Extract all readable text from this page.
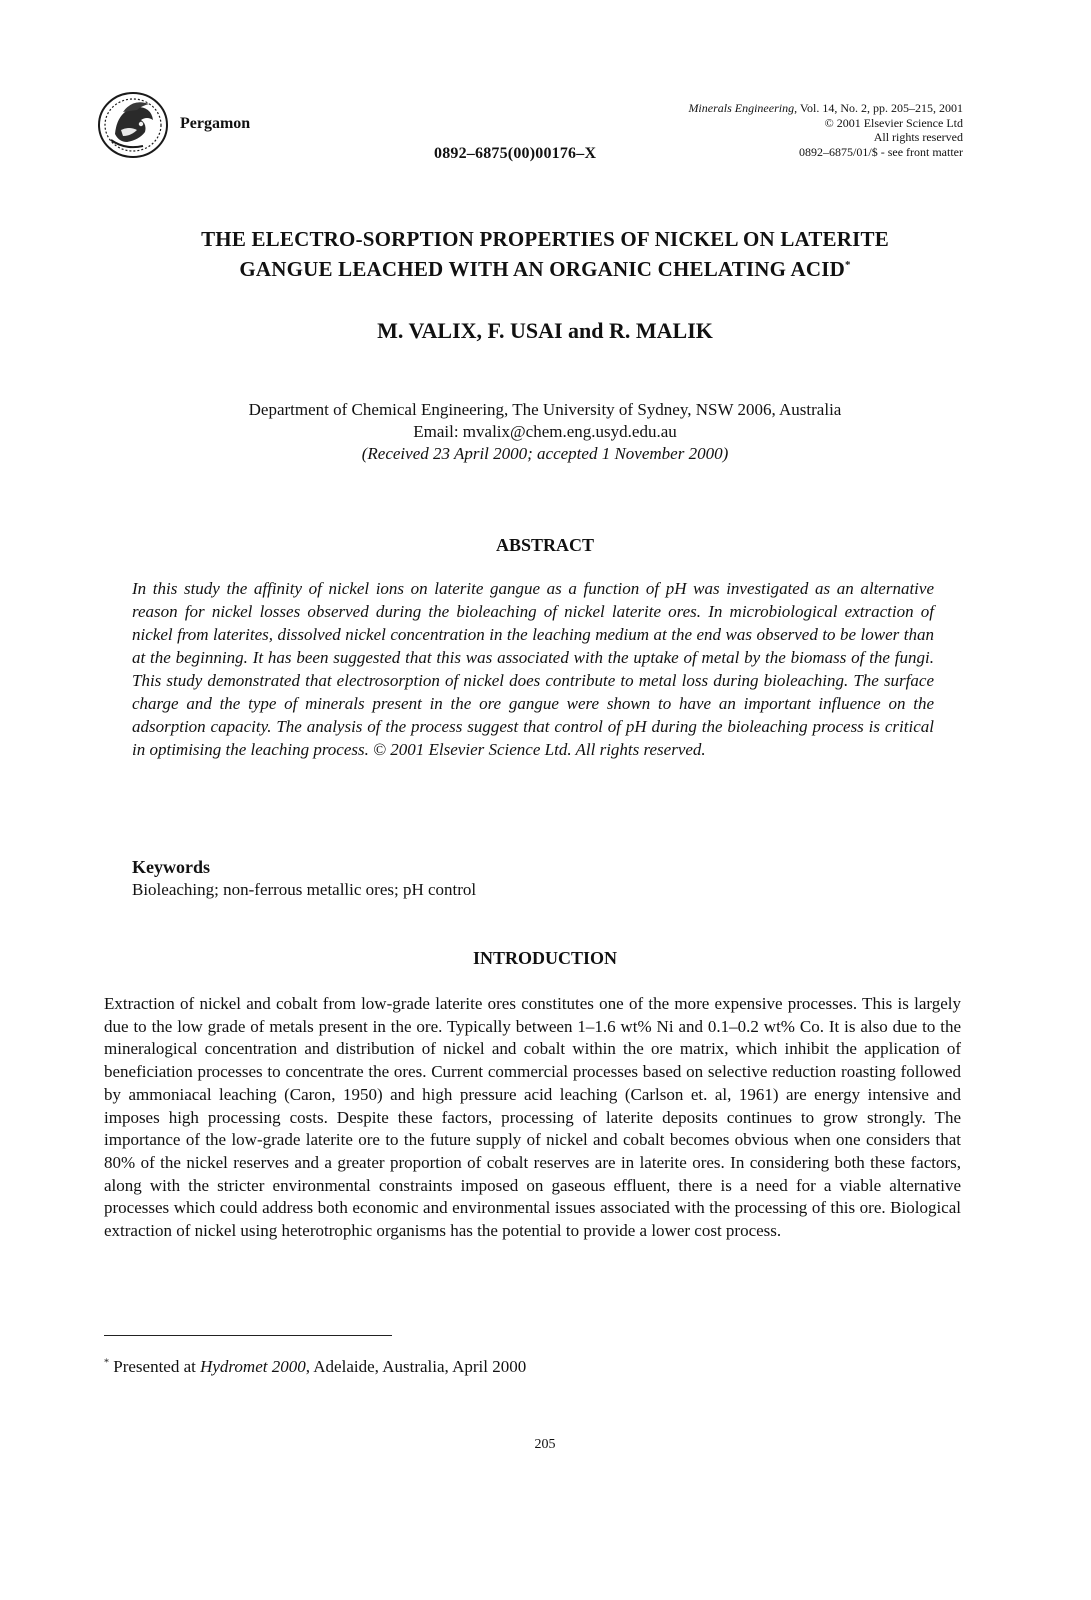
Pergamon
0892–6875(00)00176–X
Minerals Engineering, Vol. 14, No. 2, pp. 205–215, 2001
© 2001 Elsevier Science Ltd
All rights reserved
0892–6875/01/$ - see front matter
THE ELECTRO-SORPTION PROPERTIES OF NICKEL ON LATERITE
GANGUE LEACHED WITH AN ORGANIC CHELATING ACID*
M. VALIX, F. USAI and R. MALIK
Department of Chemical Engineering, The University of Sydney, NSW 2006, Australia
Email: mvalix@chem.eng.usyd.edu.au
(Received 23 April 2000; accepted 1 November 2000)
ABSTRACT
In this study the affinity of nickel ions on laterite gangue as a function of pH was investigated as an alternative reason for nickel losses observed during the bioleaching of nickel laterite ores. In microbiological extraction of nickel from laterites, dissolved nickel concentration in the leaching medium at the end was observed to be lower than at the beginning. It has been suggested that this was associated with the uptake of metal by the biomass of the fungi. This study demonstrated that electrosorption of nickel does contribute to metal loss during bioleaching. The surface charge and the type of minerals present in the ore gangue were shown to have an important influence on the adsorption capacity. The analysis of the process suggest that control of pH during the bioleaching process is critical in optimising the leaching process. © 2001 Elsevier Science Ltd. All rights reserved.
Keywords
Bioleaching; non-ferrous metallic ores; pH control
INTRODUCTION
Extraction of nickel and cobalt from low-grade laterite ores constitutes one of the more expensive processes. This is largely due to the low grade of metals present in the ore. Typically between 1–1.6 wt% Ni and 0.1–0.2 wt% Co. It is also due to the mineralogical concentration and distribution of nickel and cobalt within the ore matrix, which inhibit the application of beneficiation processes to concentrate the ores. Current commercial processes based on selective reduction roasting followed by ammoniacal leaching (Caron, 1950) and high pressure acid leaching (Carlson et. al, 1961) are energy intensive and imposes high processing costs. Despite these factors, processing of laterite deposits continues to grow strongly. The importance of the low-grade laterite ore to the future supply of nickel and cobalt becomes obvious when one considers that 80% of the nickel reserves and a greater proportion of cobalt reserves are in laterite ores. In considering both these factors, along with the stricter environmental constraints imposed on gaseous effluent, there is a need for a viable alternative processes which could address both economic and environmental issues associated with the processing of this ore. Biological extraction of nickel using heterotrophic organisms has the potential to provide a lower cost process.
* Presented at Hydromet 2000, Adelaide, Australia, April 2000
205
